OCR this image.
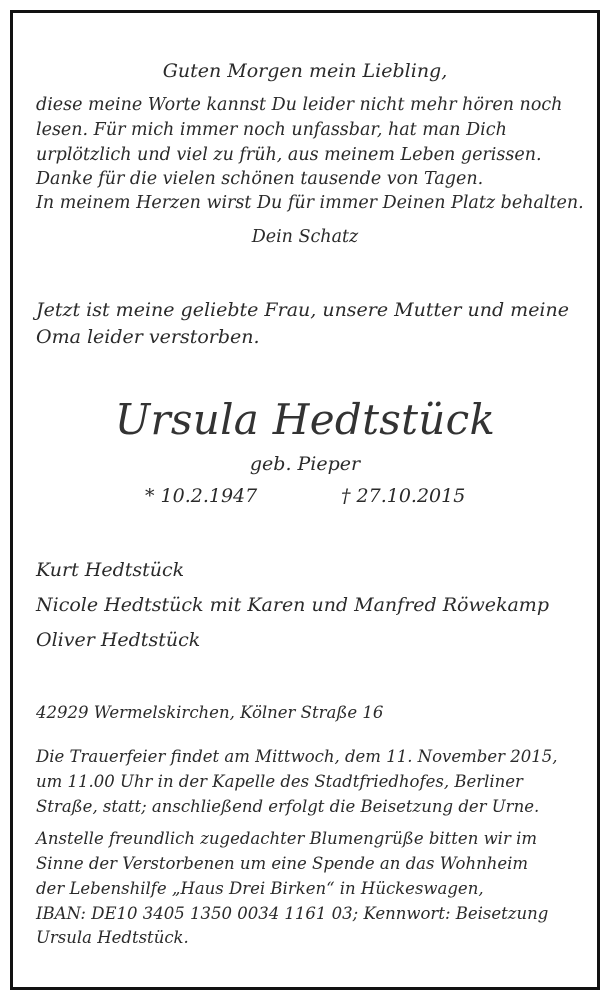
Guten Morgen mein Liebling,
diese meine Worte kannst Du leider nicht mehr hören noch
lesen. Für mich immer noch unfassbar, hat man Dich
urplötzlich und viel zu früh, aus meinem Leben gerissen.
Danke für die vielen schönen tausende von Tagen.
In meinem Herzen wirst Du für immer Deinen Platz behalten.
Dein Schatz
Jetzt ist meine geliebte Frau, unsere Mutter und meine
Oma leider verstorben.
Ursula Hedtstück
geb. Pieper
* 10.2.1947	† 27.10.2015
Kurt Hedtstück
Nicole Hedtstück mit Karen und Manfred Röwekamp
Oliver Hedtstück
42929 Wermelskirchen, Kölner Straße 16
Die Trauerfeier findet am Mittwoch, dem 11. November 2015,
um 11.00 Uhr in der Kapelle des Stadtfriedhofes, Berliner
Straße, statt; anschließend erfolgt die Beisetzung der Urne.
Anstelle freundlich zugedachter Blumengrüße bitten wir im
Sinne der Verstorbenen um eine Spende an das Wohnheim
der Lebenshilfe „Haus Drei Birken“ in Hückeswagen,
IBAN: DE10 3405 1350 0034 1161 03; Kennwort: Beisetzung
Ursula Hedtstück.
